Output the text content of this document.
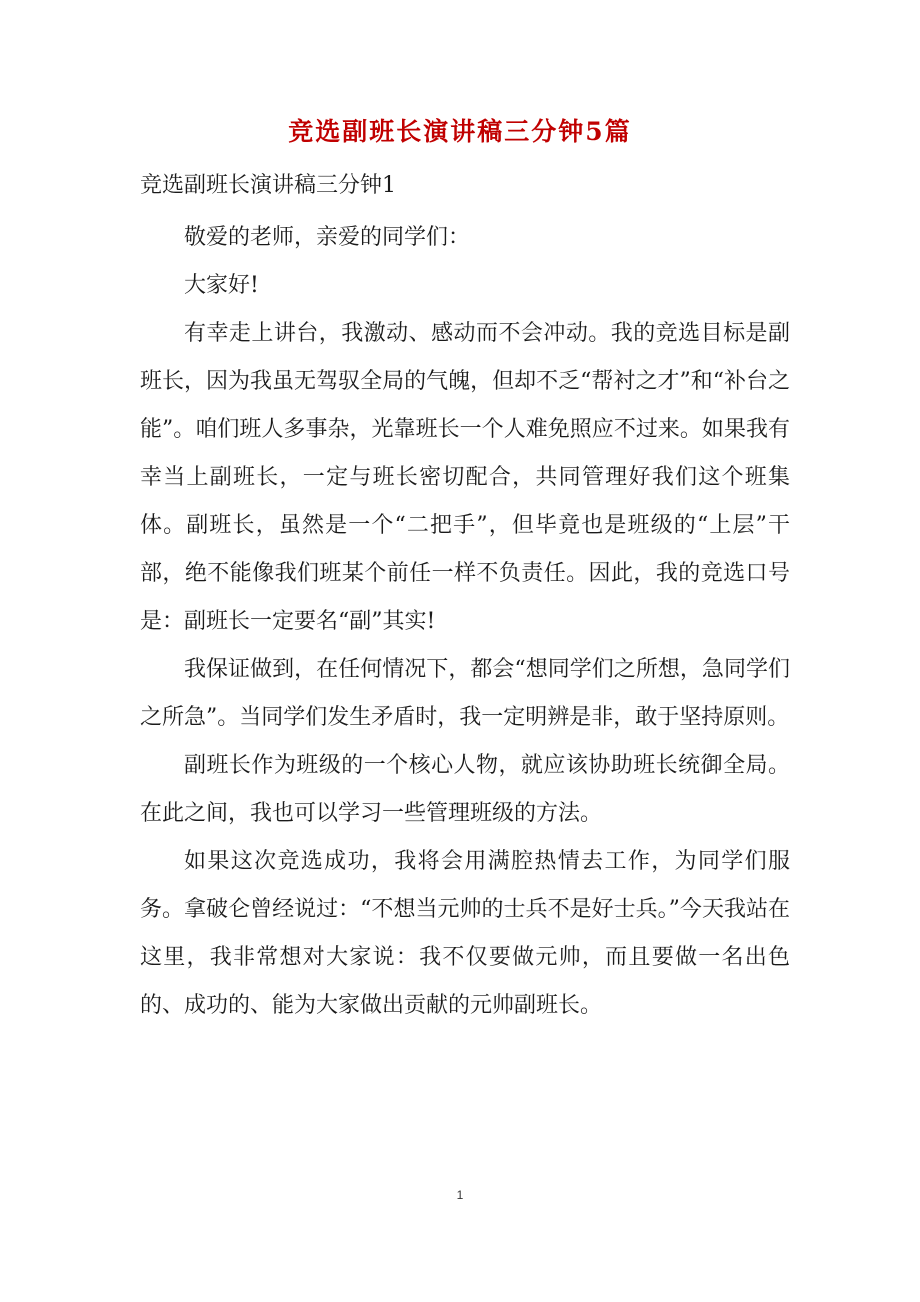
竞选副班长演讲稿三分钟5篇
竞选副班长演讲稿三分钟1

敬爱的老师，亲爱的同学们：

大家好!

有幸走上讲台，我激动、感动而不会冲动。我的竞选目标是副班长，因为我虽无驾驭全局的气魄，但却不乏“帮衬之才”和“补台之能”。咱们班人多事杂，光靠班长一个人难免照应不过来。如果我有幸当上副班长，一定与班长密切配合，共同管理好我们这个班集体。副班长，虽然是一个“二把手”，但毕竟也是班级的“上层”干部，绝不能像我们班某个前任一样不负责任。因此，我的竞选口号是：副班长一定要名“副”其实!

我保证做到，在任何情况下，都会“想同学们之所想，急同学们之所急”。当同学们发生矛盾时，我一定明辨是非，敢于坚持原则。

副班长作为班级的一个核心人物，就应该协助班长统御全局。在此之间，我也可以学习一些管理班级的方法。

如果这次竞选成功，我将会用满腔热情去工作，为同学们服务。拿破仑曾经说过：“不想当元帅的士兵不是好士兵。”今天我站在这里，我非常想对大家说：我不仅要做元帅，而且要做一名出色的、成功的、能为大家做出贡献的元帅副班长。

1
